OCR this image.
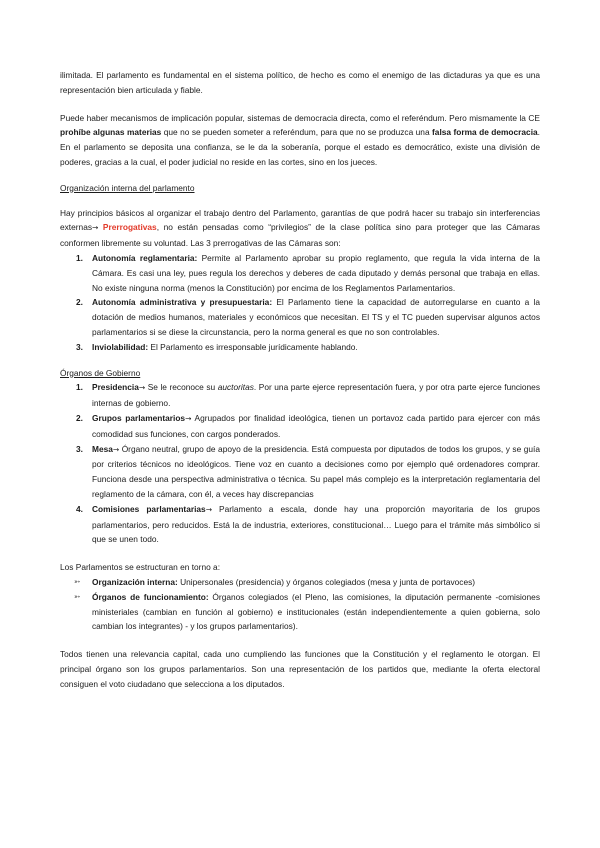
ilimitada. El parlamento es fundamental en el sistema político, de hecho es como el enemigo de las dictaduras ya que es una representación bien articulada y fiable.

Puede haber mecanismos de implicación popular, sistemas de democracia directa, como el referéndum. Pero mismamente la CE prohíbe algunas materias que no se pueden someter a referéndum, para que no se produzca una falsa forma de democracia. En el parlamento se deposita una confianza, se le da la soberanía, porque el estado es democrático, existe una división de poderes, gracias a la cual, el poder judicial no reside en las cortes, sino en los jueces.

Organización interna del parlamento

Hay principios básicos al organizar el trabajo dentro del Parlamento, garantías de que podrá hacer su trabajo sin interferencias externas→ Prerrogativas, no están pensadas como “privilegios” de la clase política sino para proteger que las Cámaras conformen libremente su voluntad. Las 3 prerrogativas de las Cámaras son:

1. Autonomía reglamentaria: Permite al Parlamento aprobar su propio reglamento, que regula la vida interna de la Cámara. Es casi una ley, pues regula los derechos y deberes de cada diputado y demás personal que trabaja en ellas. No existe ninguna norma (menos la Constitución) por encima de los Reglamentos Parlamentarios.
2. Autonomía administrativa y presupuestaria: El Parlamento tiene la capacidad de autorregularse en cuanto a la dotación de medios humanos, materiales y económicos que necesitan. El TS y el TC pueden supervisar algunos actos parlamentarios si se diese la circunstancia, pero la norma general es que no son controlables.
3. Inviolabilidad: El Parlamento es irresponsable jurídicamente hablando.

Órganos de Gobierno

1. Presidencia→ Se le reconoce su auctoritas. Por una parte ejerce representación fuera, y por otra parte ejerce funciones internas de gobierno.
2. Grupos parlamentarios→ Agrupados por finalidad ideológica, tienen un portavoz cada partido para ejercer con más comodidad sus funciones, con cargos ponderados.
3. Mesa→ Órgano neutral, grupo de apoyo de la presidencia. Está compuesta por diputados de todos los grupos, y se guía por criterios técnicos no ideológicos. Tiene voz en cuanto a decisiones como por ejemplo qué ordenadores comprar. Funciona desde una perspectiva administrativa o técnica. Su papel más complejo es la interpretación reglamentaria del reglamento de la cámara, con él, a veces hay discrepancias
4. Comisiones parlamentarias→ Parlamento a escala, donde hay una proporción mayoritaria de los grupos parlamentarios, pero reducidos. Está la de industria, exteriores, constitucional… Luego para el trámite más simbólico si que se unen todo.

Los Parlamentos se estructuran en torno a:

➳ Organización interna: Unipersonales (presidencia) y órganos colegiados (mesa y junta de portavoces)
➳ Órganos de funcionamiento: Órganos colegiados (el Pleno, las comisiones, la diputación permanente -comisiones ministeriales (cambian en función al gobierno) e institucionales (están independientemente a quien gobierna, solo cambian los integrantes) - y los grupos parlamentarios).

Todos tienen una relevancia capital, cada uno cumpliendo las funciones que la Constitución y el reglamento le otorgan. El principal órgano son los grupos parlamentarios. Son una representación de los partidos que, mediante la oferta electoral consiguen el voto ciudadano que selecciona a los diputados.
